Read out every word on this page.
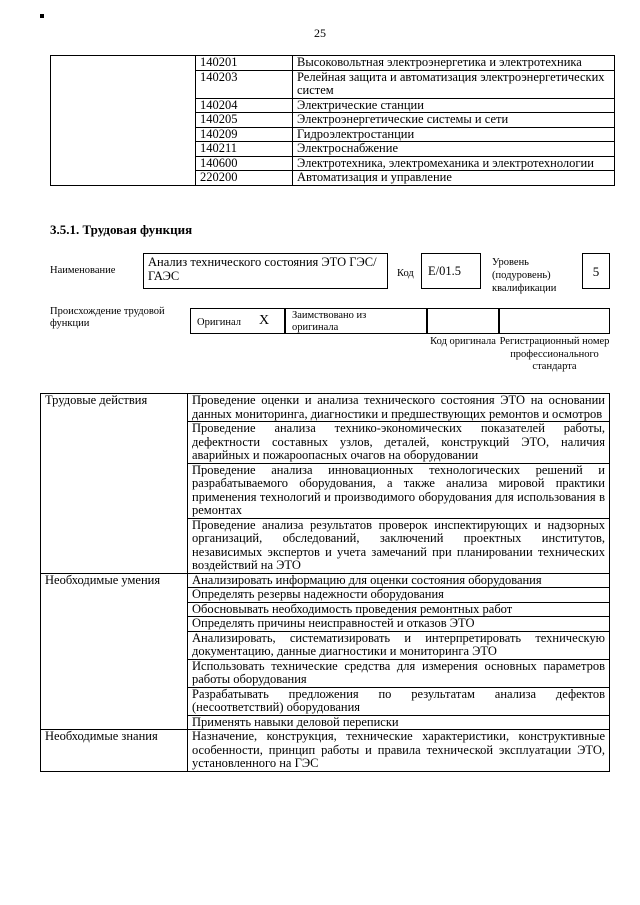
25
	140201	Высоковольтная электроэнергетика и электротехника
	140203	Релейная защита и автоматизация электроэнергетических систем
	140204	Электрические станции
	140205	Электроэнергетические системы и сети
	140209	Гидроэлектростанции
	140211	Электроснабжение
	140600	Электротехника, электромеханика и электротехнологии
	220200	Автоматизация и управление
3.5.1. Трудовая функция
Наименование
Анализ технического состояния ЭТО ГЭС/ГАЭС	Код	E/01.5
Уровень (подуровень) квалификации
5
Происхождение трудовой функции	Оригинал X Заимствовано из оригинала
Код оригинала Регистрационный номер профессионального стандарта
Трудовые действия	Проведение оценки и анализа технического состояния ЭТО на основании данных мониторинга, диагностики и предшествующих ремонтов и осмотров
	Проведение анализа технико-экономических показателей работы, дефектности составных узлов, деталей, конструкций ЭТО, наличия аварийных и пожароопасных очагов на оборудовании
	Проведение анализа инновационных технологических решений и разрабатываемого оборудования, а также анализа мировой практики применения технологий и производимого оборудования для использования в ремонтах
	Проведение анализа результатов проверок инспектирующих и надзорных организаций, обследований, заключений проектных институтов, независимых экспертов и учета замечаний при планировании технических воздействий на ЭТО
Необходимые умения	Анализировать информацию для оценки состояния оборудования
	Определять резервы надежности оборудования
	Обосновывать необходимость проведения ремонтных работ
	Определять причины неисправностей и отказов ЭТО
	Анализировать, систематизировать и интерпретировать техническую документацию, данные диагностики и мониторинга ЭТО
	Использовать технические средства для измерения основных параметров работы оборудования
	Разрабатывать предложения по результатам анализа дефектов (несоответствий) оборудования
	Применять навыки деловой переписки
Необходимые знания	Назначение, конструкция, технические характеристики, конструктивные особенности, принцип работы и правила технической эксплуатации ЭТО, установленного на ГЭС
